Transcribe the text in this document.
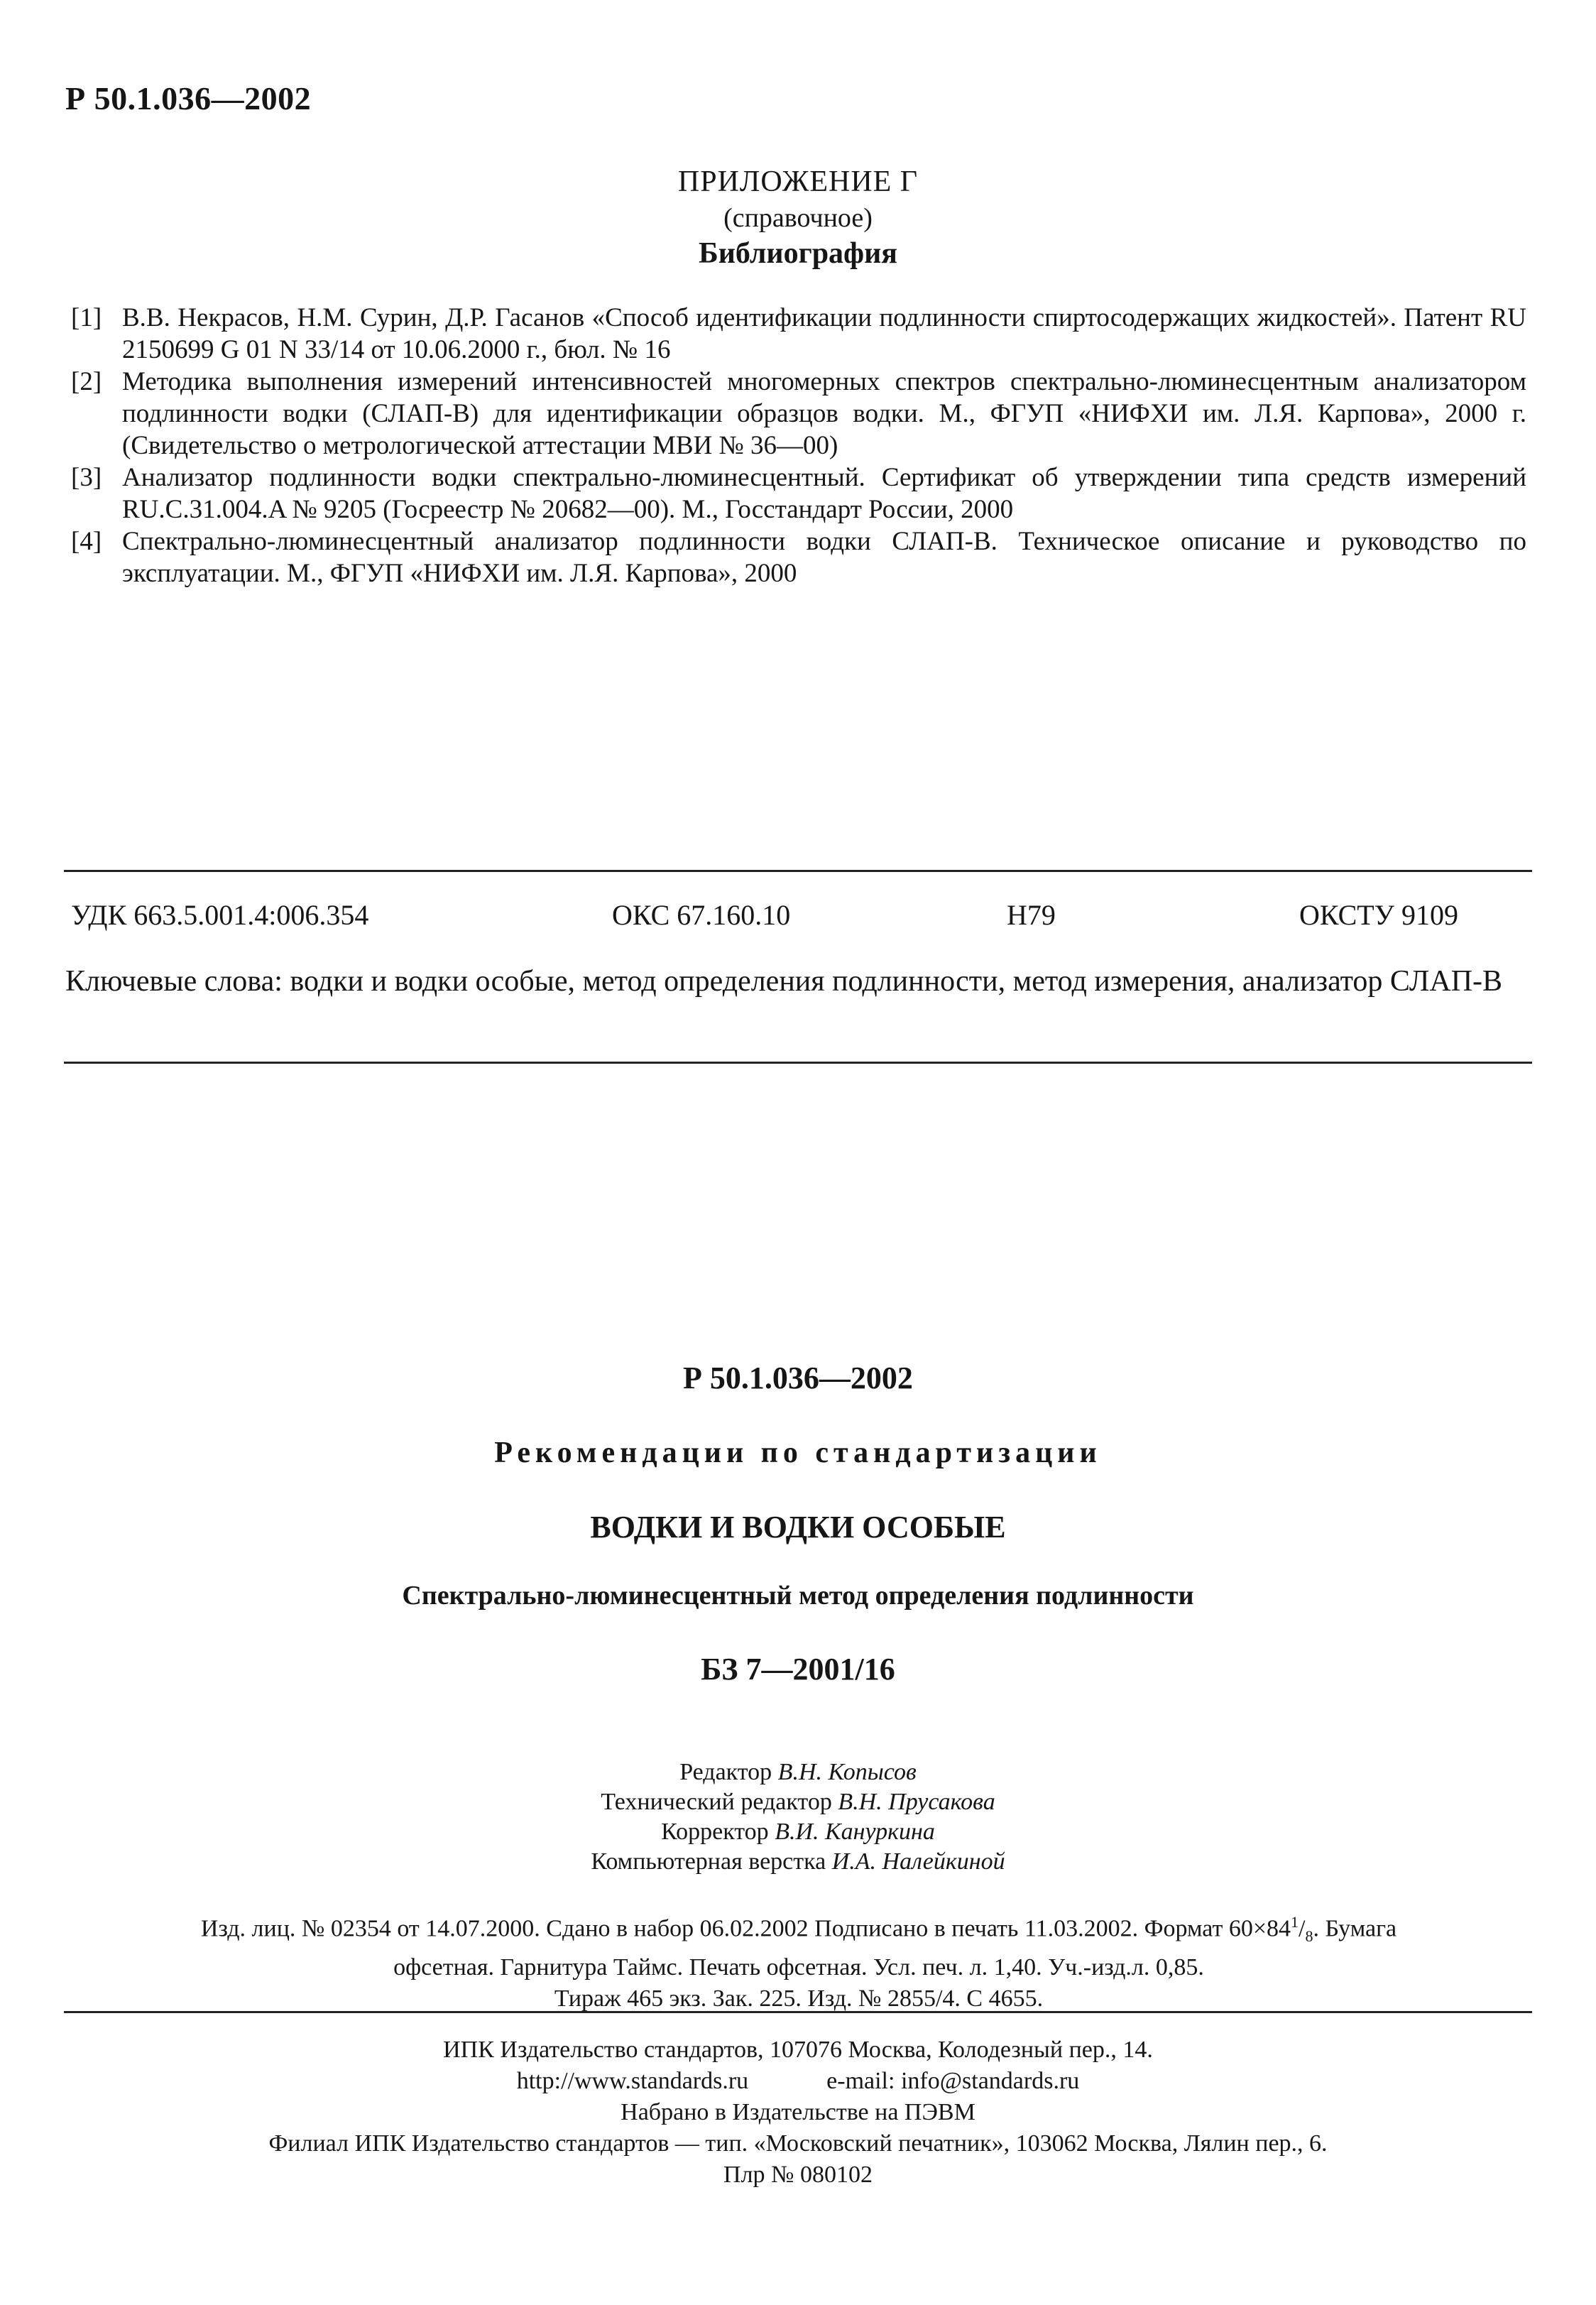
Р 50.1.036—2002
ПРИЛОЖЕНИЕ Г
(справочное)
Библиография
[1] В.В. Некрасов, Н.М. Сурин, Д.Р. Гасанов «Способ идентификации подлинности спиртосодержащих жидкостей». Патент RU 2150699 G 01 N 33/14 от 10.06.2000 г., бюл. № 16
[2] Методика выполнения измерений интенсивностей многомерных спектров спектрально-люминесцентным анализатором подлинности водки (СЛАП-В) для идентификации образцов водки. М., ФГУП «НИФХИ им. Л.Я. Карпова», 2000 г. (Свидетельство о метрологической аттестации МВИ № 36—00)
[3] Анализатор подлинности водки спектрально-люминесцентный. Сертификат об утверждении типа средств измерений RU.C.31.004.A № 9205 (Госреестр № 20682—00). М., Госстандарт России, 2000
[4] Спектрально-люминесцентный анализатор подлинности водки СЛАП-В. Техническое описание и руководство по эксплуатации. М., ФГУП «НИФХИ им. Л.Я. Карпова», 2000
УДК 663.5.001.4:006.354	ОКС 67.160.10	Н79	ОКСТУ 9109
Ключевые слова: водки и водки особые, метод определения подлинности, метод измерения, анализатор СЛАП-В
Р 50.1.036—2002
Рекомендации по стандартизации
ВОДКИ И ВОДКИ ОСОБЫЕ
Спектрально-люминесцентный метод определения подлинности
БЗ 7—2001/16
Редактор В.Н. Копысов
Технический редактор В.Н. Прусакова
Корректор В.И. Кануркина
Компьютерная верстка И.А. Налейкиной
Изд. лиц. № 02354 от 14.07.2000. Сдано в набор 06.02.2002 Подписано в печать 11.03.2002. Формат $60\times 84^1/_8$. Бумага
офсетная. Гарнитура Таймс. Печать офсетная. Усл. печ. л. 1,40. Уч.-изд.л. 0,85.
Тираж 465 экз. Зак. 225. Изд. № 2855/4. С 4655.
ИПК Издательство стандартов, 107076 Москва, Колодезный пер., 14.
http://www.standards.ru	e-mail: info@standards.ru
Набрано в Издательстве на ПЭВМ
Филиал ИПК Издательство стандартов — тип. «Московский печатник», 103062 Москва, Лялин пер., 6.
Плр № 080102
